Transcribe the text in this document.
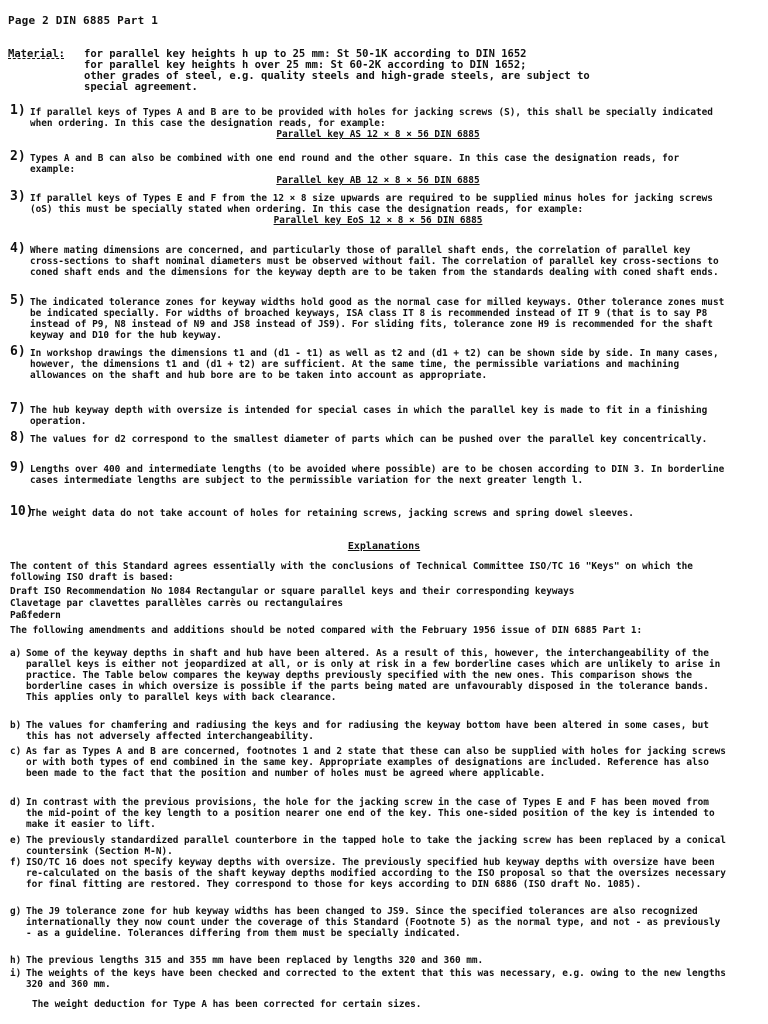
Page 2 DIN 6885 Part 1
Material:	for parallel key heights h up to 25 mm: St 50-1K according to DIN 1652
for parallel key heights h over 25 mm: St 60-2K according to DIN 1652;
other grades of steel, e.g. quality steels and high-grade steels, are subject to
special agreement.
1) If parallel keys of Types A and B are to be provided with holes for jacking screws (S), this shall be specially indicated when ordering. In this case the designation reads, for example:
Parallel key AS 12 × 8 × 56 DIN 6885
2) Types A and B can also be combined with one end round and the other square. In this case the designation reads, for example:
Parallel key AB 12 × 8 × 56 DIN 6885
3) If parallel keys of Types E and F from the 12 × 8 size upwards are required to be supplied minus holes for jacking screws (oS) this must be specially stated when ordering. In this case the designation reads, for example:
Parallel key EoS 12 × 8 × 56 DIN 6885
4) Where mating dimensions are concerned, and particularly those of parallel shaft ends, the correlation of parallel key cross-sections to shaft nominal diameters must be observed without fail. The correlation of parallel key cross-sections to coned shaft ends and the dimensions for the keyway depth are to be taken from the standards dealing with coned shaft ends.
5) The indicated tolerance zones for keyway widths hold good as the normal case for milled keyways. Other tolerance zones must be indicated specially. For widths of broached keyways, ISA class IT 8 is recommended instead of IT 9 (that is to say P8 instead of P9, N8 instead of N9 and JS8 instead of JS9). For sliding fits, tolerance zone H9 is recommended for the shaft keyway and D10 for the hub keyway.
6) In workshop drawings the dimensions t1 and (d1 - t1) as well as t2 and (d1 + t2) can be shown side by side. In many cases, however, the dimensions t1 and (d1 + t2) are sufficient. At the same time, the permissible variations and machining allowances on the shaft and hub bore are to be taken into account as appropriate.
7) The hub keyway depth with oversize is intended for special cases in which the parallel key is made to fit in a finishing operation.
8) The values for d2 correspond to the smallest diameter of parts which can be pushed over the parallel key concentrically.
9) Lengths over 400 and intermediate lengths (to be avoided where possible) are to be chosen according to DIN 3. In borderline cases intermediate lengths are subject to the permissible variation for the next greater length l.
10)
The weight data do not take account of holes for retaining screws, jacking screws and spring dowel sleeves.
Explanations
The content of this Standard agrees essentially with the conclusions of Technical Committee ISO/TC 16 "Keys" on which the following ISO draft is based:
Draft ISO Recommendation No 1084 Rectangular or square parallel keys and their corresponding keyways
Clavetage par clavettes parallèles carrès ou rectangulaires
Paßfedern
The following amendments and additions should be noted compared with the February 1956 issue of DIN 6885 Part 1:
a) Some of the keyway depths in shaft and hub have been altered. As a result of this, however, the interchangeability of the parallel keys is either not jeopardized at all, or is only at risk in a few borderline cases which are unlikely to arise in practice. The Table below compares the keyway depths previously specified with the new ones. This comparison shows the borderline cases in which oversize is possible if the parts being mated are unfavourably disposed in the tolerance bands. This applies only to parallel keys with back clearance.
b) The values for chamfering and radiusing the keys and for radiusing the keyway bottom have been altered in some cases, but this has not adversely affected interchangeability.
c) As far as Types A and B are concerned, footnotes 1 and 2 state that these can also be supplied with holes for jacking screws or with both types of end combined in the same key. Appropriate examples of designations are included. Reference has also been made to the fact that the position and number of holes must be agreed where applicable.
d) In contrast with the previous provisions, the hole for the jacking screw in the case of Types E and F has been moved from the mid-point of the key length to a position nearer one end of the key. This one-sided position of the key is intended to make it easier to lift.
e) The previously standardized parallel counterbore in the tapped hole to take the jacking screw has been replaced by a conical countersink (Section M-N).
f) ISO/TC 16 does not specify keyway depths with oversize. The previously specified hub keyway depths with oversize have been re-calculated on the basis of the shaft keyway depths modified according to the ISO proposal so that the oversizes necessary for final fitting are restored. They correspond to those for keys according to DIN 6886 (ISO draft No. 1085).
g) The J9 tolerance zone for hub keyway widths has been changed to JS9. Since the specified tolerances are also recognized internationally they now count under the coverage of this Standard (Footnote 5) as the normal type, and not - as previously - as a guideline. Tolerances differing from them must be specially indicated.
h) The previous lengths 315 and 355 mm have been replaced by lengths 320 and 360 mm.
i) The weights of the keys have been checked and corrected to the extent that this was necessary, e.g. owing to the new lengths 320 and 360 mm.
The weight deduction for Type A has been corrected for certain sizes.
